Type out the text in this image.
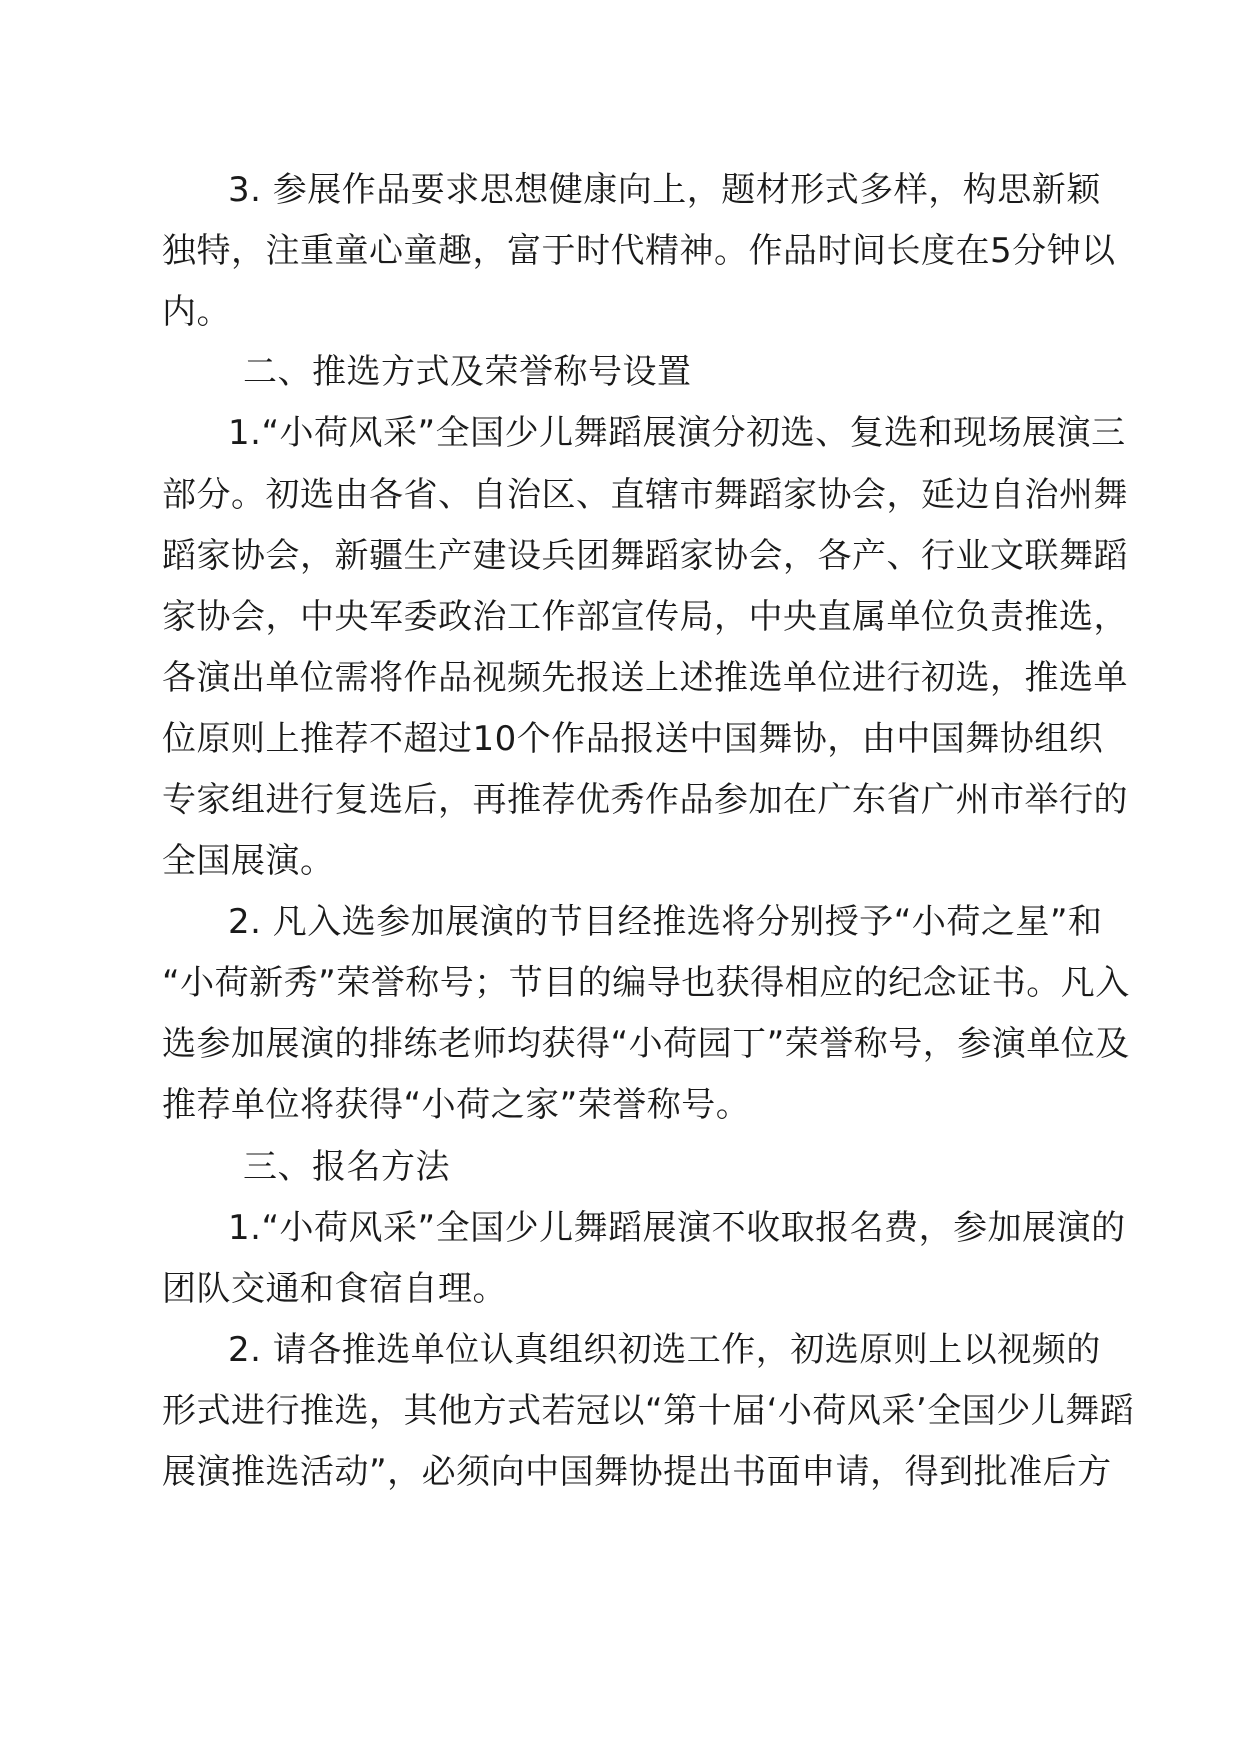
3. 参展作品要求思想健康向上，题材形式多样，构思新颖
独特，注重童心童趣，富于时代精神。作品时间长度在5分钟以
内。
二、推选方式及荣誉称号设置
1.“小荷风采”全国少儿舞蹈展演分初选、复选和现场展演三
部分。初选由各省、自治区、直辖市舞蹈家协会，延边自治州舞
蹈家协会，新疆生产建设兵团舞蹈家协会，各产、行业文联舞蹈
家协会，中央军委政治工作部宣传局，中央直属单位负责推选，
各演出单位需将作品视频先报送上述推选单位进行初选，推选单
位原则上推荐不超过10个作品报送中国舞协，由中国舞协组织
专家组进行复选后，再推荐优秀作品参加在广东省广州市举行的
全国展演。
2. 凡入选参加展演的节目经推选将分别授予“小荷之星”和
“小荷新秀”荣誉称号；节目的编导也获得相应的纪念证书。凡入
选参加展演的排练老师均获得“小荷园丁”荣誉称号，参演单位及
推荐单位将获得“小荷之家”荣誉称号。
三、报名方法
1.“小荷风采”全国少儿舞蹈展演不收取报名费，参加展演的
团队交通和食宿自理。
2. 请各推选单位认真组织初选工作，初选原则上以视频的
形式进行推选，其他方式若冠以“第十届‘小荷风采’全国少儿舞蹈
展演推选活动”，必须向中国舞协提出书面申请，得到批准后方
